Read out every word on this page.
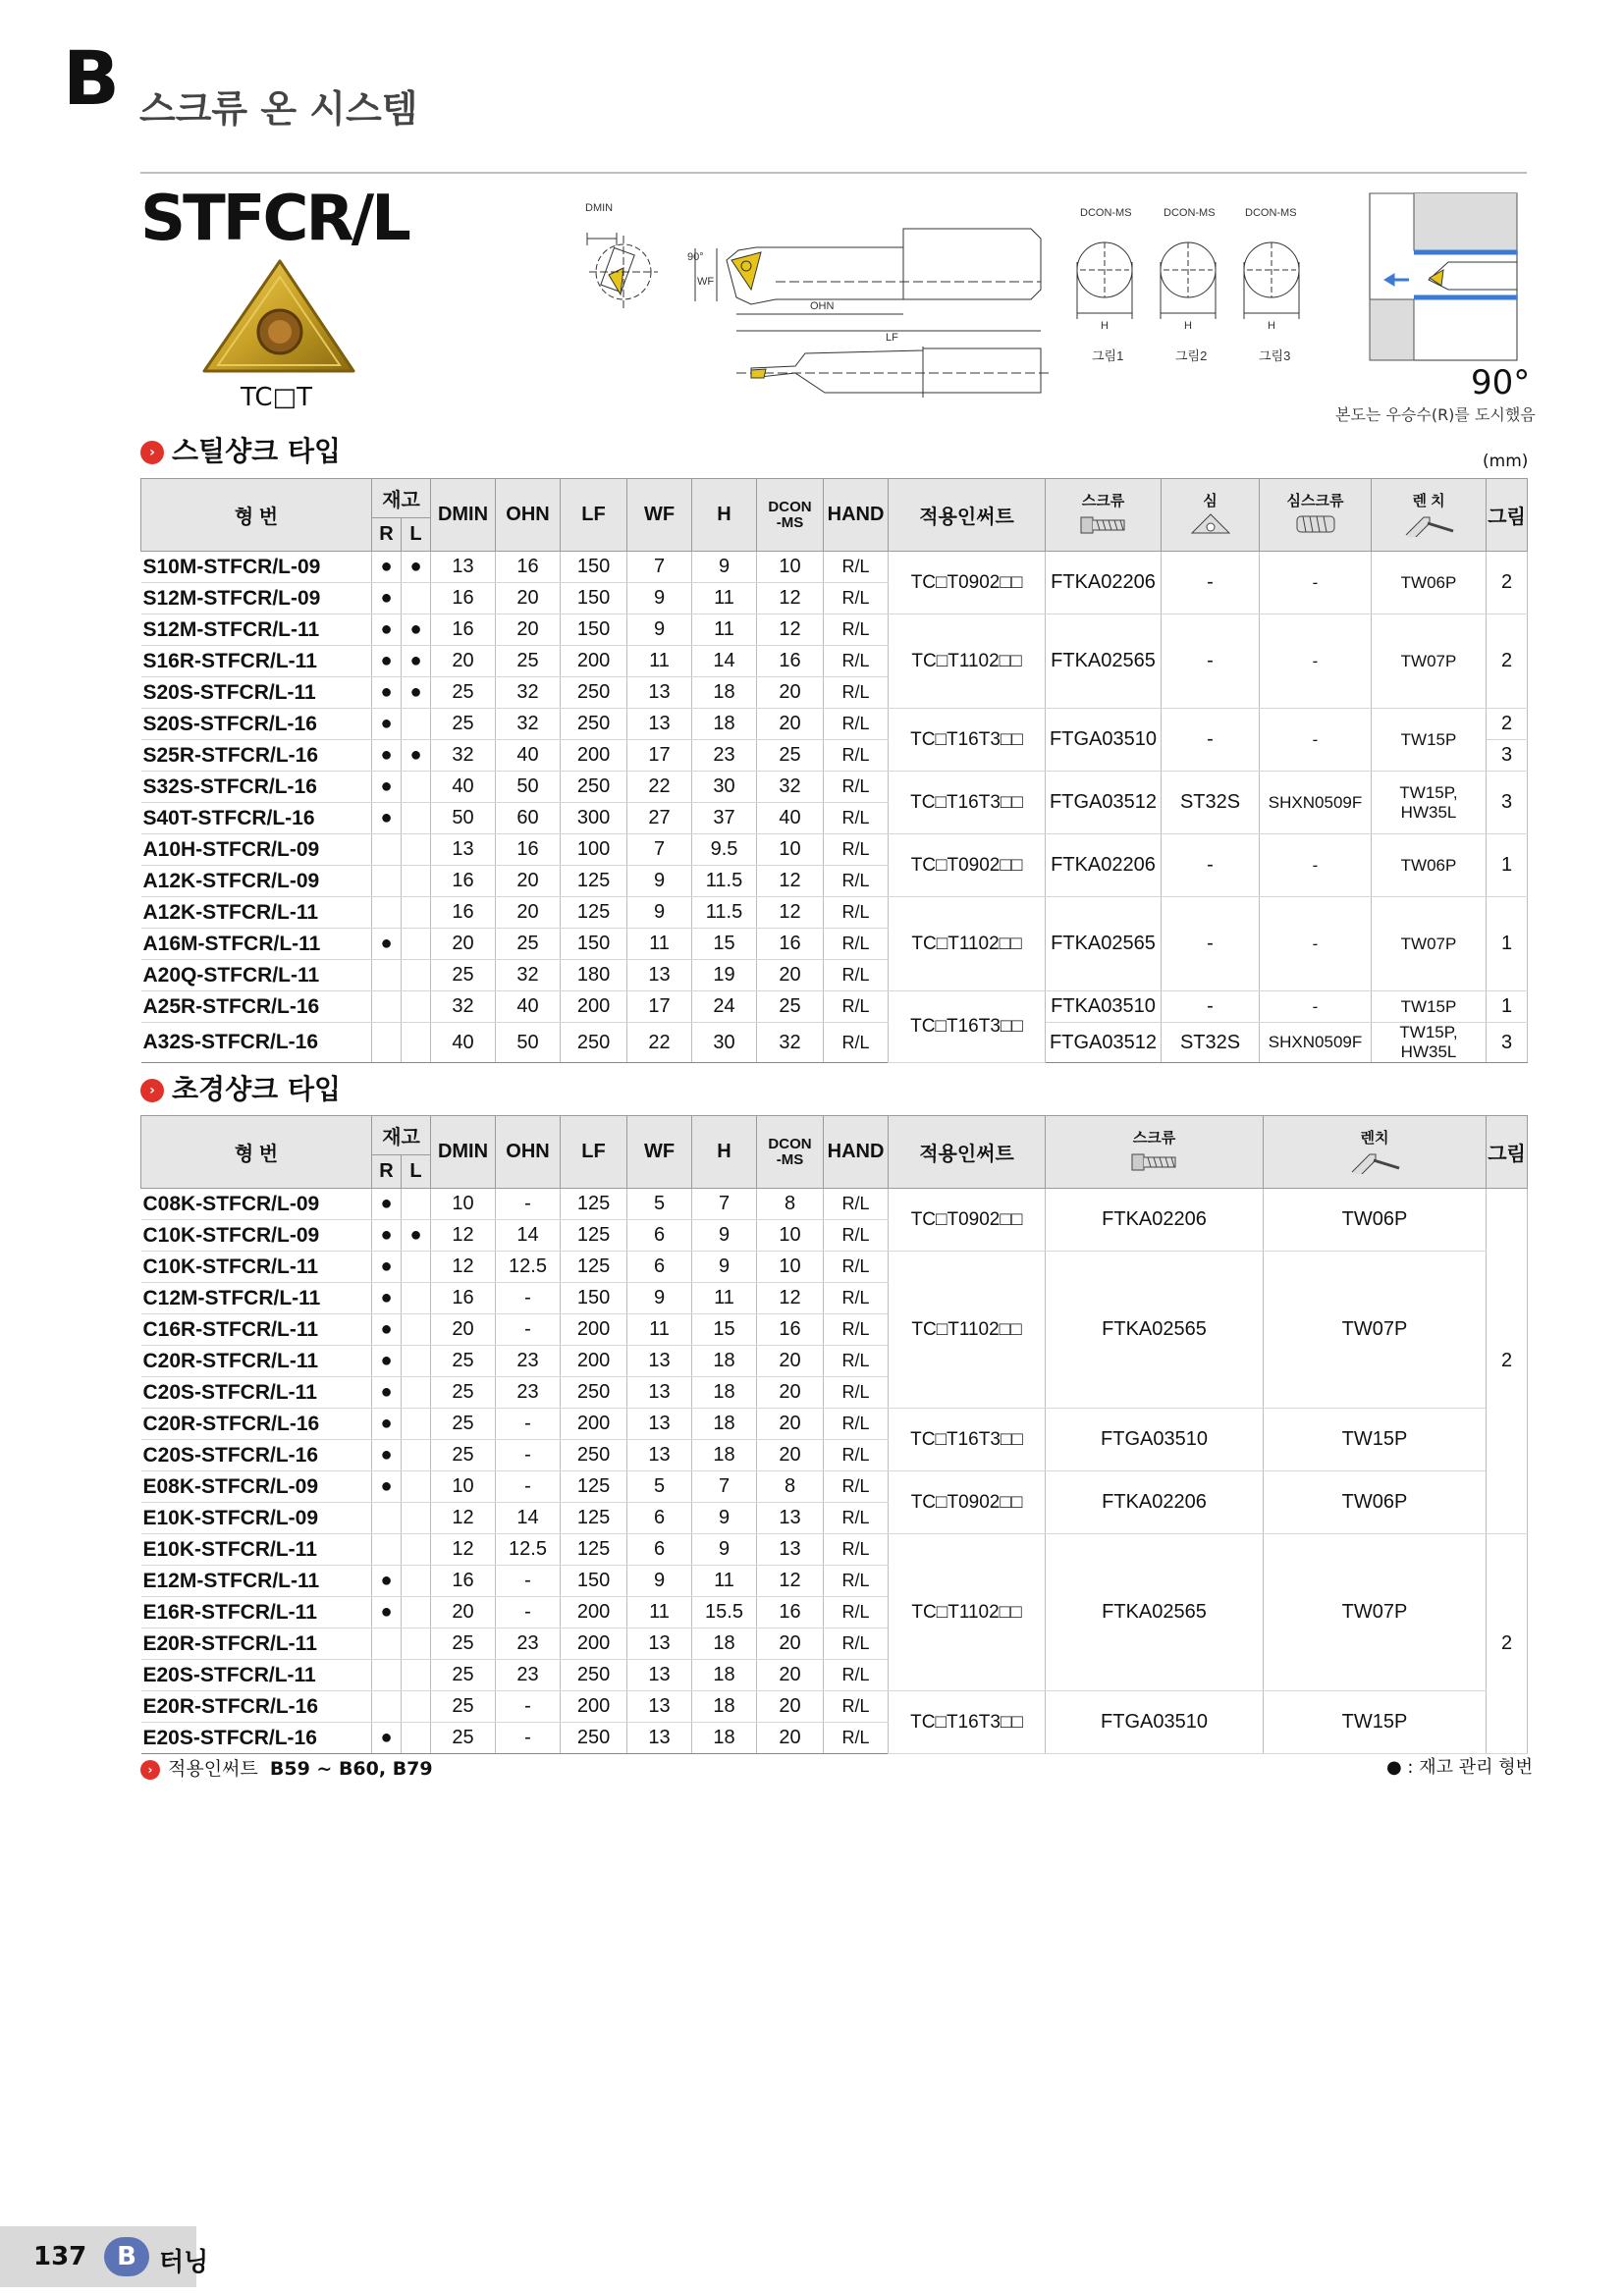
B 스크류 온 시스템
STFCR/L
TC□T
DMIN
90°
WF
OHN
LF
DCON-MS	DCON-MS	DCON-MS
H	H	H
그림1	그림2	그림3
90°
본도는 우승수(R)를 도시했음
› 스틸샹크 타입	(mm)
형 번	재고		DMIN	OHN	LF	WF	H	DCON
-MS	HAND	적용인써트	스크류	심	심스크류	렌 치	그림
	R	L													
S10M-STFCR/L-09	●	●	13	16	150	7	9	10	R/L	TC□T0902□□	FTKA02206	-	-	TW06P	2
S12M-STFCR/L-09	●		16	20	150	9	11	12	R/L						
S12M-STFCR/L-11	●	●	16	20	150	9	11	12	R/L	TC□T1102□□	FTKA02565	-	-	TW07P	2
S16R-STFCR/L-11	●	●	20	25	200	11	14	16	R/L						
S20S-STFCR/L-11	●	●	25	32	250	13	18	20	R/L						
S20S-STFCR/L-16	●		25	32	250	13	18	20	R/L	TC□T16T3□□	FTGA03510	-	-	TW15P	2
S25R-STFCR/L-16	●	●	32	40	200	17	23	25	R/L						3
S32S-STFCR/L-16	●		40	50	250	22	30	32	R/L	TC□T16T3□□	FTGA03512	ST32S	SHXN0509F	TW15P, HW35L	3
S40T-STFCR/L-16	●		50	60	300	27	37	40	R/L						
A10H-STFCR/L-09			13	16	100	7	9.5	10	R/L	TC□T0902□□	FTKA02206	-	-	TW06P	1
A12K-STFCR/L-09			16	20	125	9	11.5	12	R/L						
A12K-STFCR/L-11			16	20	125	9	11.5	12	R/L	TC□T1102□□	FTKA02565	-	-	TW07P	1
A16M-STFCR/L-11	●		20	25	150	11	15	16	R/L						
A20Q-STFCR/L-11			25	32	180	13	19	20	R/L						
A25R-STFCR/L-16			32	40	200	17	24	25	R/L	TC□T16T3□□	FTKA03510	-	-	TW15P	1
A32S-STFCR/L-16			40	50	250	22	30	32	R/L		FTGA03512	ST32S	SHXN0509F	TW15P, HW35L	3
› 초경샹크 타입
형 번	재고		DMIN	OHN	LF	WF	H	DCON
-MS	HAND	적용인써트	스크류	렌치	그림
	R	L											
C08K-STFCR/L-09	●		10	-	125	5	7	8	R/L	TC□T0902□□	FTKA02206	TW06P	2
C10K-STFCR/L-09	●	●	12	14	125	6	9	10	R/L				
C10K-STFCR/L-11	●		12	12.5	125	6	9	10	R/L	TC□T1102□□	FTKA02565	TW07P	
C12M-STFCR/L-11	●		16	-	150	9	11	12	R/L				
C16R-STFCR/L-11	●		20	-	200	11	15	16	R/L				
C20R-STFCR/L-11	●		25	23	200	13	18	20	R/L				
C20S-STFCR/L-11	●		25	23	250	13	18	20	R/L				
C20R-STFCR/L-16	●		25	-	200	13	18	20	R/L	TC□T16T3□□	FTGA03510	TW15P	
C20S-STFCR/L-16	●		25	-	250	13	18	20	R/L				
E08K-STFCR/L-09	●		10	-	125	5	7	8	R/L	TC□T0902□□	FTKA02206	TW06P	
E10K-STFCR/L-09			12	14	125	6	9	13	R/L				
E10K-STFCR/L-11			12	12.5	125	6	9	13	R/L	TC□T1102□□	FTKA02565	TW07P	2
E12M-STFCR/L-11	●		16	-	150	9	11	12	R/L				
E16R-STFCR/L-11	●		20	-	200	11	15.5	16	R/L				
E20R-STFCR/L-11			25	23	200	13	18	20	R/L				
E20S-STFCR/L-11			25	23	250	13	18	20	R/L				
E20R-STFCR/L-16			25	-	200	13	18	20	R/L	TC□T16T3□□	FTGA03510	TW15P	
E20S-STFCR/L-16	●		25	-	250	13	18	20	R/L				
› 적용인써트 B59 ~ B60, B79	● : 재고 관리 형번
137	B 터닝
